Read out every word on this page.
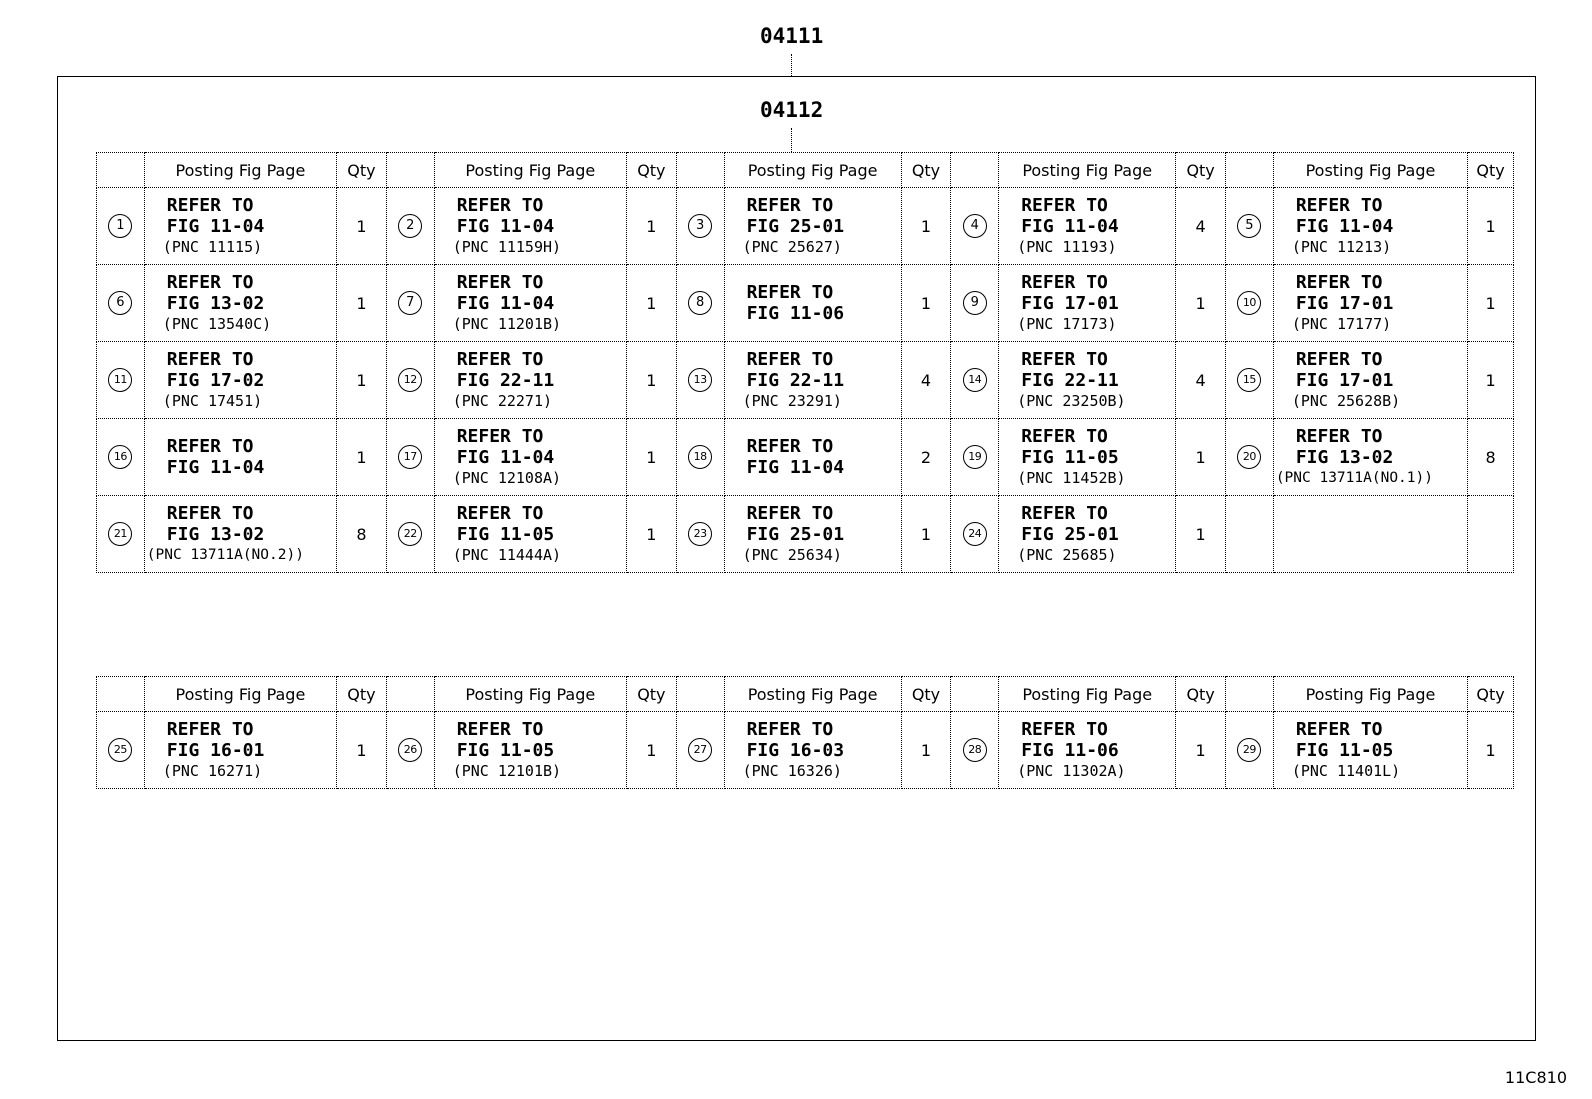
04111
04112
	Posting Fig Page	Qty		Posting Fig Page	Qty		Posting Fig Page	Qty		Posting Fig Page	Qty		Posting Fig Page	Qty
1	REFER TO
FIG 11-04
(PNC 11115)	1	2	REFER TO
FIG 11-04
(PNC 11159H)	1	3	REFER TO
FIG 25-01
(PNC 25627)	1	4	REFER TO
FIG 11-04
(PNC 11193)	4	5	REFER TO
FIG 11-04
(PNC 11213)	1
6	REFER TO
FIG 13-02
(PNC 13540C)	1	7	REFER TO
FIG 11-04
(PNC 11201B)	1	8	REFER TO
FIG 11-06	1	9	REFER TO
FIG 17-01
(PNC 17173)	1	10	REFER TO
FIG 17-01
(PNC 17177)	1
11	REFER TO
FIG 17-02
(PNC 17451)	1	12	REFER TO
FIG 22-11
(PNC 22271)	1	13	REFER TO
FIG 22-11
(PNC 23291)	4	14	REFER TO
FIG 22-11
(PNC 23250B)	4	15	REFER TO
FIG 17-01
(PNC 25628B)	1
16	REFER TO
FIG 11-04	1	17	REFER TO
FIG 11-04
(PNC 12108A)	1	18	REFER TO
FIG 11-04	2	19	REFER TO
FIG 11-05
(PNC 11452B)	1	20	REFER TO
FIG 13-02
(PNC 13711A(NO.1))	8
21	REFER TO
FIG 13-02
(PNC 13711A(NO.2))	8	22	REFER TO
FIG 11-05
(PNC 11444A)	1	23	REFER TO
FIG 25-01
(PNC 25634)	1	24	REFER TO
FIG 25-01
(PNC 25685)	1			
	Posting Fig Page	Qty		Posting Fig Page	Qty		Posting Fig Page	Qty		Posting Fig Page	Qty		Posting Fig Page	Qty
25	REFER TO
FIG 16-01
(PNC 16271)	1	26	REFER TO
FIG 11-05
(PNC 12101B)	1	27	REFER TO
FIG 16-03
(PNC 16326)	1	28	REFER TO
FIG 11-06
(PNC 11302A)	1	29	REFER TO
FIG 11-05
(PNC 11401L)	1
11C810
